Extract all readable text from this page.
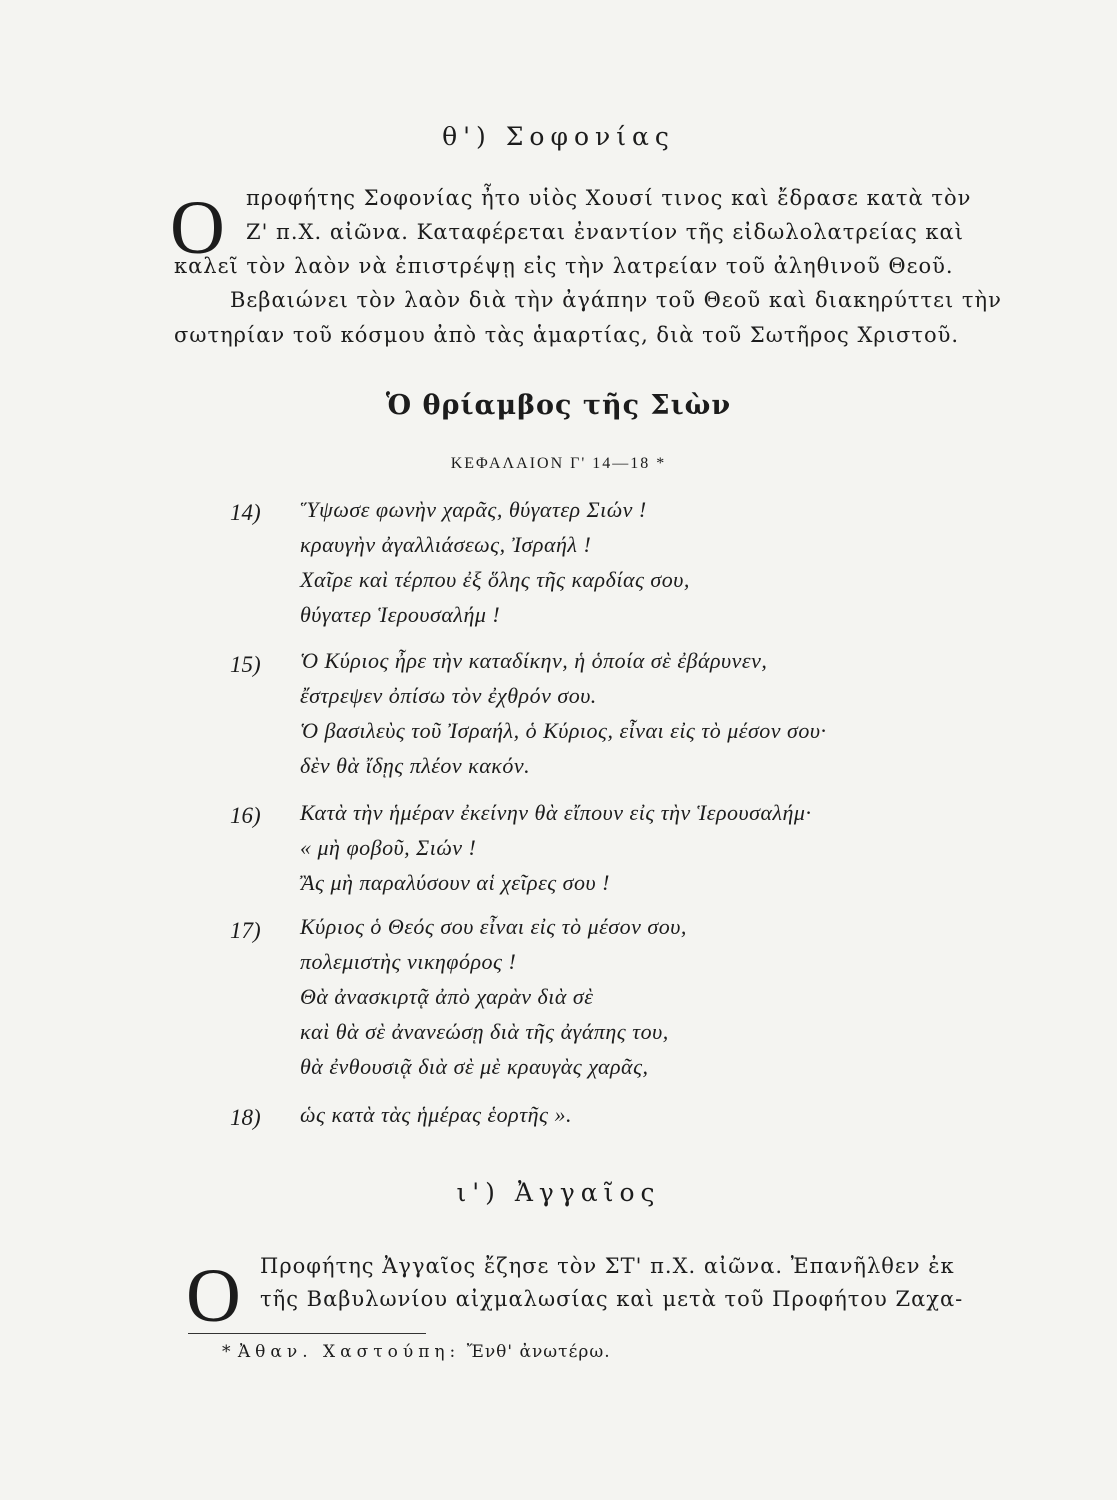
θ') Σοφονίας
O προφήτης Σοφονίας ἦτο υἱὸς Χουσί τινος καὶ ἔδρασε κατὰ τὸν
Ζ' π.Χ. αἰῶνα. Καταφέρεται ἐναντίον τῆς εἰδωλολατρείας καὶ
καλεῖ τὸν λαὸν νὰ ἐπιστρέψῃ εἰς τὴν λατρείαν τοῦ ἀληθινοῦ Θεοῦ.
Βεβαιώνει τὸν λαὸν διὰ τὴν ἀγάπην τοῦ Θεοῦ καὶ διακηρύττει τὴν
σωτηρίαν τοῦ κόσμου ἀπὸ τὰς ἁμαρτίας, διὰ τοῦ Σωτῆρος Χριστοῦ.
Ὁ θρίαμβος τῆς Σιὼν
ΚΕΦΑΛΑΙΟΝ Γ' 14—18 *
14) Ὕψωσε φωνὴν χαρᾶς, θύγατερ Σιών !
κραυγὴν ἀγαλλιάσεως, Ἰσραήλ !
Χαῖρε καὶ τέρπου ἐξ ὅλης τῆς καρδίας σου,
θύγατερ Ἱερουσαλήμ !
15) Ὁ Κύριος ἦρε τὴν καταδίκην, ἡ ὁποία σὲ ἐβάρυνεν,
ἔστρεψεν ὀπίσω τὸν ἐχθρόν σου.
Ὁ βασιλεὺς τοῦ Ἰσραήλ, ὁ Κύριος, εἶναι εἰς τὸ μέσον σου·
δὲν θὰ ἴδῃς πλέον κακόν.
16) Κατὰ τὴν ἡμέραν ἐκείνην θὰ εἴπουν εἰς τὴν Ἱερουσαλήμ·
« μὴ φοβοῦ, Σιών !
Ἂς μὴ παραλύσουν αἱ χεῖρες σου !
17) Κύριος ὁ Θεός σου εἶναι εἰς τὸ μέσον σου,
πολεμιστὴς νικηφόρος !
Θὰ ἀνασκιρτᾷ ἀπὸ χαρὰν διὰ σὲ
καὶ θὰ σὲ ἀνανεώσῃ διὰ τῆς ἀγάπης του,
θὰ ἐνθουσιᾷ διὰ σὲ μὲ κραυγὰς χαρᾶς,
18) ὡς κατὰ τὰς ἡμέρας ἑορτῆς ».
ι') Ἀγγαῖος
O Προφήτης Ἀγγαῖος ἔζησε τὸν ΣΤ' π.Χ. αἰῶνα. Ἐπανῆλθεν ἐκ
τῆς Βαβυλωνίου αἰχμαλωσίας καὶ μετὰ τοῦ Προφήτου Ζαχα-
* Ἀθαν. Χαστούπη: Ἔνθ' ἀνωτέρω.
